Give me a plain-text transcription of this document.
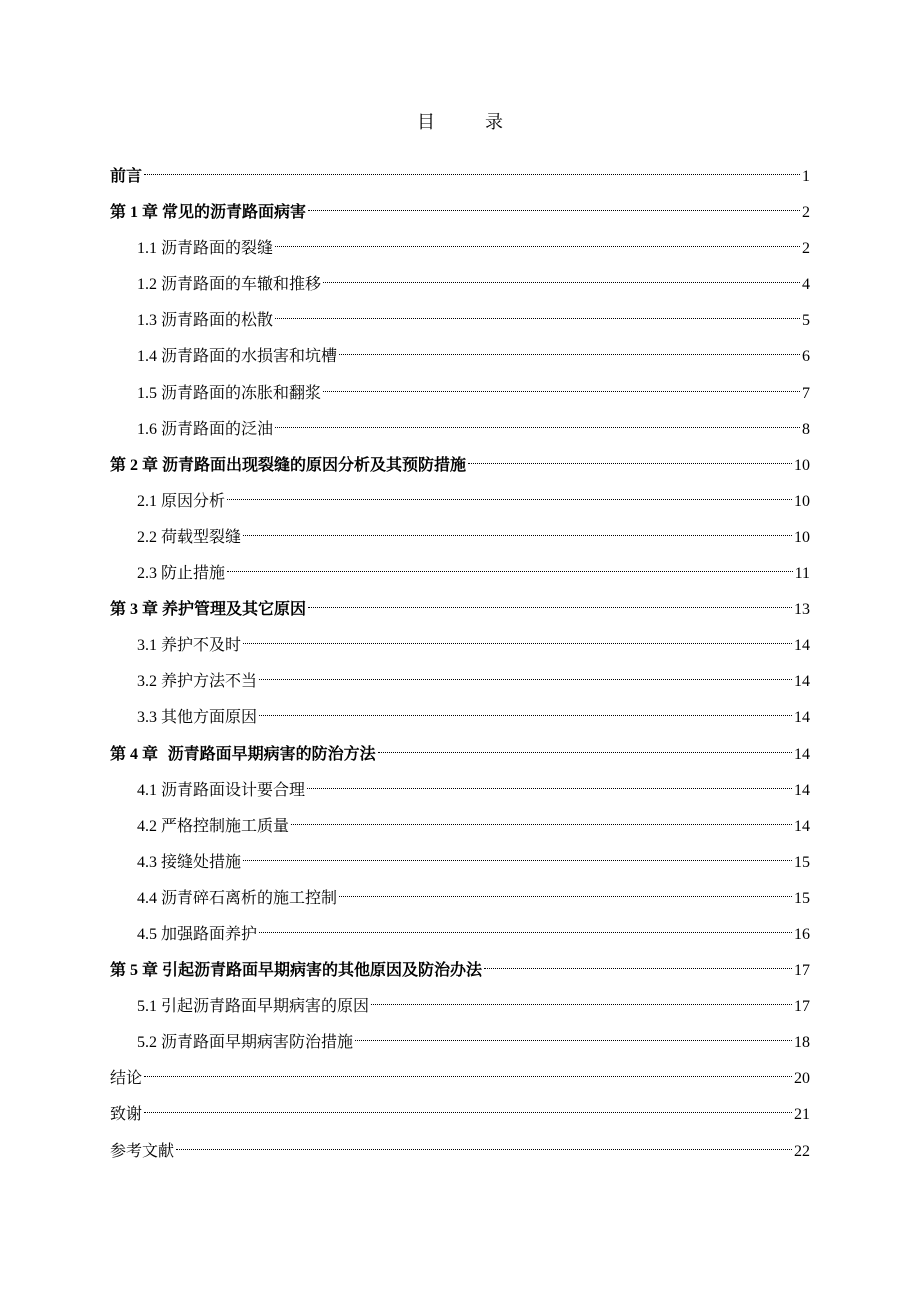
目　录
前言	1
第 1 章 常见的沥青路面病害	2
1.1 沥青路面的裂缝	2
1.2 沥青路面的车辙和推移	4
1.3 沥青路面的松散	5
1.4 沥青路面的水损害和坑槽	6
1.5 沥青路面的冻胀和翻浆	7
1.6 沥青路面的泛油	8
第 2 章 沥青路面出现裂缝的原因分析及其预防措施	10
2.1 原因分析	10
2.2 荷载型裂缝	10
2.3 防止措施	11
第 3 章 养护管理及其它原因	13
3.1 养护不及时	14
3.2 养护方法不当	14
3.3 其他方面原因	14
第 4 章 沥青路面早期病害的防治方法	14
4.1 沥青路面设计要合理	14
4.2 严格控制施工质量	14
4.3 接缝处措施	15
4.4 沥青碎石离析的施工控制	15
4.5 加强路面养护	16
第 5 章 引起沥青路面早期病害的其他原因及防治办法	17
5.1 引起沥青路面早期病害的原因	17
5.2 沥青路面早期病害防治措施	18
结论	20
致谢	21
参考文献	22
